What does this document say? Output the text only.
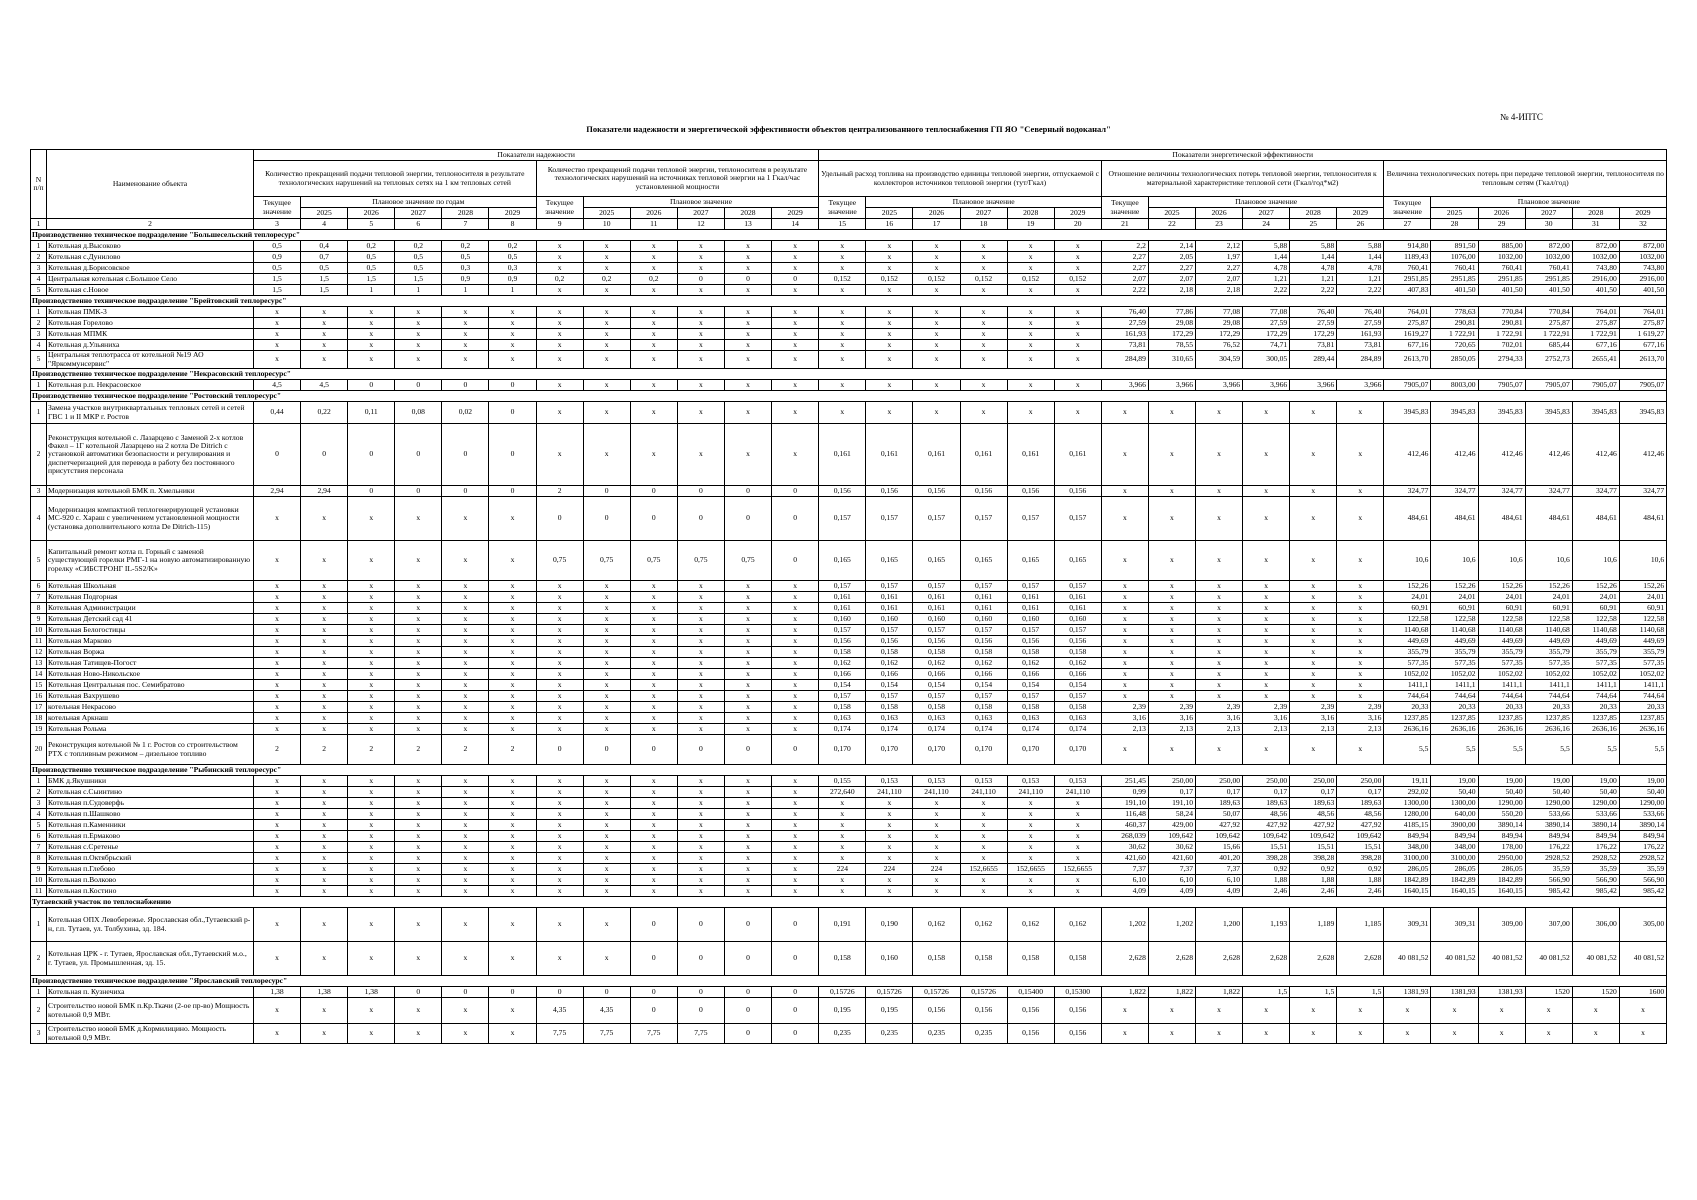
№ 4-ИПТС
Показатели надежности и энергетической эффективности объектов централизованного теплоснабжения ГП ЯО "Северный водоканал"
N п/п	Наименование объекта	Показатели надежности												Показатели энергетической эффективности																	
		Количество прекращений подачи тепловой энергии, теплоносителя в результате технологических нарушений на тепловых сетях на 1 км тепловых сетей						Количество прекращений подачи тепловой энергии, теплоносителя в результате технологических нарушений на источниках тепловой энергии на 1 Гкал/час установленной мощности						Удельный расход топлива на производство единицы тепловой энергии, отпускаемой с коллекторов источников тепловой энергии (тут/Гкал)						Отношение величины технологических потерь тепловой энергии, теплоносителя к материальной характеристике тепловой сети (Гкал/год*м2)						Величина технологических потерь при передаче тепловой энергии, теплоносителя по тепловым сетям (Гкал/год)					
		Текущее значение	Плановое значение по годам					Текущее значение	Плановое значение					Текущее значение	Плановое значение					Текущее значение	Плановое значение					Текущее значение	Плановое значение				
			2025	2026	2027	2028	2029		2025	2026	2027	2028	2029		2025	2026	2027	2028	2029		2025	2026	2027	2028	2029		2025	2026	2027	2028	2029
1	2	3	4	5	6	7	8	9	10	11	12	13	14	15	16	17	18	19	20	21	22	23	24	25	26	27	28	29	30	31	32
Производственно техническое подразделение "Большесельский теплоресурс"																															
1	Котельная д.Высоково	0,5	0,4	0,2	0,2	0,2	0,2	x	x	x	x	x	x	x	x	x	x	x	x	2,2	2,14	2,12	5,88	5,88	5,88	914,80	891,50	885,00	872,00	872,00	872,00
2	Котельная с.Дунилово	0,9	0,7	0,5	0,5	0,5	0,5	x	x	x	x	x	x	x	x	x	x	x	x	2,27	2,05	1,97	1,44	1,44	1,44	1189,43	1076,00	1032,00	1032,00	1032,00	1032,00
3	Котельная д.Борисовское	0,5	0,5	0,5	0,5	0,3	0,3	x	x	x	x	x	x	x	x	x	x	x	x	2,27	2,27	2,27	4,78	4,78	4,78	760,41	760,41	760,41	760,41	743,80	743,80
4	Центральная котельная с.Большое Село	1,5	1,5	1,5	1,5	0,9	0,9	0,2	0,2	0,2	0	0	0	0,152	0,152	0,152	0,152	0,152	0,152	2,07	2,07	2,07	1,21	1,21	1,21	2951,85	2951,85	2951,85	2951,85	2916,00	2916,00
5	Котельная с.Новое	1,5	1,5	1	1	1	1	x	x	x	x	x	x	x	x	x	x	x	x	2,22	2,18	2,18	2,22	2,22	2,22	407,83	401,50	401,50	401,50	401,50	401,50
Производственно техническое подразделение "Брейтовский теплоресурс"																															
1	Котельная ПМК-3	x	x	x	x	x	x	x	x	x	x	x	x	x	x	x	x	x	x	76,40	77,86	77,08	77,08	76,40	76,40	764,01	778,63	770,84	770,84	764,01	764,01
2	Котельная Горелово	x	x	x	x	x	x	x	x	x	x	x	x	x	x	x	x	x	x	27,59	29,08	29,08	27,59	27,59	27,59	275,87	290,81	290,81	275,87	275,87	275,87
3	Котельная МПМК	x	x	x	x	x	x	x	x	x	x	x	x	x	x	x	x	x	x	161,93	172,29	172,29	172,29	172,29	161,93	1619,27	1 722,91	1 722,91	1 722,91	1 722,91	1 619,27
4	Котельная д.Ульяниха	x	x	x	x	x	x	x	x	x	x	x	x	x	x	x	x	x	x	73,81	78,55	76,52	74,71	73,81	73,81	677,16	720,65	702,01	685,44	677,16	677,16
5	Центральная теплотрасса от котельной №19 АО "Яркоммунсервис"	x	x	x	x	x	x	x	x	x	x	x	x	x	x	x	x	x	x	284,89	310,65	304,59	300,05	289,44	284,89	2613,70	2850,05	2794,33	2752,73	2655,41	2613,70
Производственно техническое подразделение "Некрасовский теплоресурс"																															
1	Котельная р.п. Некрасовское	4,5	4,5	0	0	0	0	x	x	x	x	x	x	x	x	x	x	x	x	3,966	3,966	3,966	3,966	3,966	3,966	7905,07	8003,00	7905,07	7905,07	7905,07	7905,07
Производственно техническое подразделение "Ростовский теплоресурс"																															
1	Замена участков внутриквартальных тепловых сетей и сетей ГВС 1 и II МКР г. Ростов	0,44	0,22	0,11	0,08	0,02	0	x	x	x	x	x	x	x	x	x	x	x	x	x	x	x	x	x	x	3945,83	3945,83	3945,83	3945,83	3945,83	3945,83
2	Реконструкция котельной с. Лазарцево с Заменой 2-х котлов Факел – 1Г котельной Лазарцево на 2 котла De Ditrich с установкой автоматики безопасности и регулирования и диспетчеризацией для перевода в работу без постоянного присутствия персонала	0	0	0	0	0	0	x	x	x	x	x	x	0,161	0,161	0,161	0,161	0,161	0,161	x	x	x	x	x	x	412,46	412,46	412,46	412,46	412,46	412,46
3	Модернизация котельной БМК п. Хмельники	2,94	2,94	0	0	0	0	2	0	0	0	0	0	0,156	0,156	0,156	0,156	0,156	0,156	x	x	x	x	x	x	324,77	324,77	324,77	324,77	324,77	324,77
4	Модернизация компактной теплогенерирующей установки МС-920 с. Хараш с увеличением установленной мощности (установка дополнительного котла De Ditrich-115)	x	x	x	x	x	x	0	0	0	0	0	0	0,157	0,157	0,157	0,157	0,157	0,157	x	x	x	x	x	x	484,61	484,61	484,61	484,61	484,61	484,61
5	Капитальный ремонт котла п. Горный с заменой существующей горелки РМГ-1 на новую автоматизированную горелку «СИБСТРОНГ IL-5S2/K»	x	x	x	x	x	x	0,75	0,75	0,75	0,75	0,75	0	0,165	0,165	0,165	0,165	0,165	0,165	x	x	x	x	x	x	10,6	10,6	10,6	10,6	10,6	10,6
6	Котельная Школьная	x	x	x	x	x	x	x	x	x	x	x	x	0,157	0,157	0,157	0,157	0,157	0,157	x	x	x	x	x	x	152,26	152,26	152,26	152,26	152,26	152,26
7	Котельная Подгорная	x	x	x	x	x	x	x	x	x	x	x	x	0,161	0,161	0,161	0,161	0,161	0,161	x	x	x	x	x	x	24,01	24,01	24,01	24,01	24,01	24,01
8	Котельная Администрации	x	x	x	x	x	x	x	x	x	x	x	x	0,161	0,161	0,161	0,161	0,161	0,161	x	x	x	x	x	x	60,91	60,91	60,91	60,91	60,91	60,91
9	Котельная Детский сад 41	x	x	x	x	x	x	x	x	x	x	x	x	0,160	0,160	0,160	0,160	0,160	0,160	x	x	x	x	x	x	122,58	122,58	122,58	122,58	122,58	122,58
10	Котельная Белогостицы	x	x	x	x	x	x	x	x	x	x	x	x	0,157	0,157	0,157	0,157	0,157	0,157	x	x	x	x	x	x	1140,68	1140,68	1140,68	1140,68	1140,68	1140,68
11	Котельная Марково	x	x	x	x	x	x	x	x	x	x	x	x	0,156	0,156	0,156	0,156	0,156	0,156	x	x	x	x	x	x	449,69	449,69	449,69	449,69	449,69	449,69
12	Котельная Воржа	x	x	x	x	x	x	x	x	x	x	x	x	0,158	0,158	0,158	0,158	0,158	0,158	x	x	x	x	x	x	355,79	355,79	355,79	355,79	355,79	355,79
13	Котельная Татищев-Погост	x	x	x	x	x	x	x	x	x	x	x	x	0,162	0,162	0,162	0,162	0,162	0,162	x	x	x	x	x	x	577,35	577,35	577,35	577,35	577,35	577,35
14	Котельная Ново-Никольское	x	x	x	x	x	x	x	x	x	x	x	x	0,166	0,166	0,166	0,166	0,166	0,166	x	x	x	x	x	x	1052,02	1052,02	1052,02	1052,02	1052,02	1052,02
15	Котельная Центральная пос. Семибратово	x	x	x	x	x	x	x	x	x	x	x	x	0,154	0,154	0,154	0,154	0,154	0,154	x	x	x	x	x	x	1411,1	1411,1	1411,1	1411,1	1411,1	1411,1
16	Котельная Вахрушево	x	x	x	x	x	x	x	x	x	x	x	x	0,157	0,157	0,157	0,157	0,157	0,157	x	x	x	x	x	x	744,64	744,64	744,64	744,64	744,64	744,64
17	котельная Некрасово	x	x	x	x	x	x	x	x	x	x	x	x	0,158	0,158	0,158	0,158	0,158	0,158	2,39	2,39	2,39	2,39	2,39	2,39	20,33	20,33	20,33	20,33	20,33	20,33
18	котельная Аркнаш	x	x	x	x	x	x	x	x	x	x	x	x	0,163	0,163	0,163	0,163	0,163	0,163	3,16	3,16	3,16	3,16	3,16	3,16	1237,85	1237,85	1237,85	1237,85	1237,85	1237,85
19	Котельная Рольма	x	x	x	x	x	x	x	x	x	x	x	x	0,174	0,174	0,174	0,174	0,174	0,174	2,13	2,13	2,13	2,13	2,13	2,13	2636,16	2636,16	2636,16	2636,16	2636,16	2636,16
20	Реконструкция котельной № 1 г. Ростов со строительством РТХ с топливным режимом – дизельное топливо	2	2	2	2	2	2	0	0	0	0	0	0	0,170	0,170	0,170	0,170	0,170	0,170	x	x	x	x	x	x	5,5	5,5	5,5	5,5	5,5	5,5
Производственно техническое подразделение "Рыбинский теплоресурс"																															
1	БМК д.Якушники	x	x	x	x	x	x	x	x	x	x	x	x	0,155	0,153	0,153	0,153	0,153	0,153	251,45	250,00	250,00	250,00	250,00	250,00	19,11	19,00	19,00	19,00	19,00	19,00
2	Котельная с.Сыинтино	x	x	x	x	x	x	x	x	x	x	x	x	272,640	241,110	241,110	241,110	241,110	241,110	0,99	0,17	0,17	0,17	0,17	0,17	292,02	50,40	50,40	50,40	50,40	50,40
3	Котельная п.Судоверфь	x	x	x	x	x	x	x	x	x	x	x	x	x	x	x	x	x	x	191,10	191,10	189,63	189,63	189,63	189,63	1300,00	1300,00	1290,00	1290,00	1290,00	1290,00
4	Котельная п.Шашково	x	x	x	x	x	x	x	x	x	x	x	x	x	x	x	x	x	x	116,48	58,24	50,07	48,56	48,56	48,56	1280,00	640,00	550,20	533,66	533,66	533,66
5	Котельная п.Каменники	x	x	x	x	x	x	x	x	x	x	x	x	x	x	x	x	x	x	460,37	429,00	427,92	427,92	427,92	427,92	4185,15	3900,00	3890,14	3890,14	3890,14	3890,14
6	Котельная п.Ермаково	x	x	x	x	x	x	x	x	x	x	x	x	x	x	x	x	x	x	268,039	109,642	109,642	109,642	109,642	109,642	849,94	849,94	849,94	849,94	849,94	849,94
7	Котельная с.Сретенье	x	x	x	x	x	x	x	x	x	x	x	x	x	x	x	x	x	x	30,62	30,62	15,66	15,51	15,51	15,51	348,00	348,00	178,00	176,22	176,22	176,22
8	Котельная п.Октябрьский	x	x	x	x	x	x	x	x	x	x	x	x	x	x	x	x	x	x	421,60	421,60	401,20	398,28	398,28	398,28	3100,00	3100,00	2950,00	2928,52	2928,52	2928,52
9	Котельная п.Глебово	x	x	x	x	x	x	x	x	x	x	x	x	224	224	224	152,6655	152,6655	152,6655	7,37	7,37	7,37	0,92	0,92	0,92	286,05	286,05	286,05	35,59	35,59	35,59
10	Котельная п.Волково	x	x	x	x	x	x	x	x	x	x	x	x	x	x	x	x	x	x	6,10	6,10	6,10	1,88	1,88	1,88	1842,89	1842,89	1842,89	566,90	566,90	566,90
11	Котельная п.Костино	x	x	x	x	x	x	x	x	x	x	x	x	x	x	x	x	x	x	4,09	4,09	4,09	2,46	2,46	2,46	1640,15	1640,15	1640,15	985,42	985,42	985,42
Тутаевский участок по теплоснабжению																															
1	Котельная ОПХ Левобережье. Ярославская обл.,Тутаевский р-н, г.п. Тутаев, ул. Толбухина, зд. 184.	x	x	x	x	x	x	x	x	0	0	0	0	0,191	0,190	0,162	0,162	0,162	0,162	1,202	1,202	1,200	1,193	1,189	1,185	309,31	309,31	309,00	307,00	306,00	305,00
2	Котельная ЦРК - г. Тутаев, Ярославская обл.,Тутаевский м.о., г. Тутаев, ул. Промышленная, зд. 15.	x	x	x	x	x	x	x	x	0	0	0	0	0,158	0,160	0,158	0,158	0,158	0,158	2,628	2,628	2,628	2,628	2,628	2,628	40 081,52	40 081,52	40 081,52	40 081,52	40 081,52	40 081,52
Производственно техническое подразделение "Ярославский теплоресурс"																															
1	Котельная п. Кузнечиха	1,38	1,38	1,38	0	0	0	0	0	0	0	0	0	0,15726	0,15726	0,15726	0,15726	0,15400	0,15300	1,822	1,822	1,822	1,5	1,5	1,5	1381,93	1381,93	1381,93	1520	1520	1600
2	Строительство новой БМК п.Кр.Ткачи (2-ое пр-во) Мощность котельной 0,9 МВт.	x	x	x	x	x	x	4,35	4,35	0	0	0	0	0,195	0,195	0,156	0,156	0,156	0,156	x	x	x	x	x	x	x	x	x	x	x	x
3	Строительство новой БМК д.Кормилицино. Мощность котельной 0,9 МВт.	x	x	x	x	x	x	7,75	7,75	7,75	7,75	0	0	0,235	0,235	0,235	0,235	0,156	0,156	x	x	x	x	x	x	x	x	x	x	x	x
